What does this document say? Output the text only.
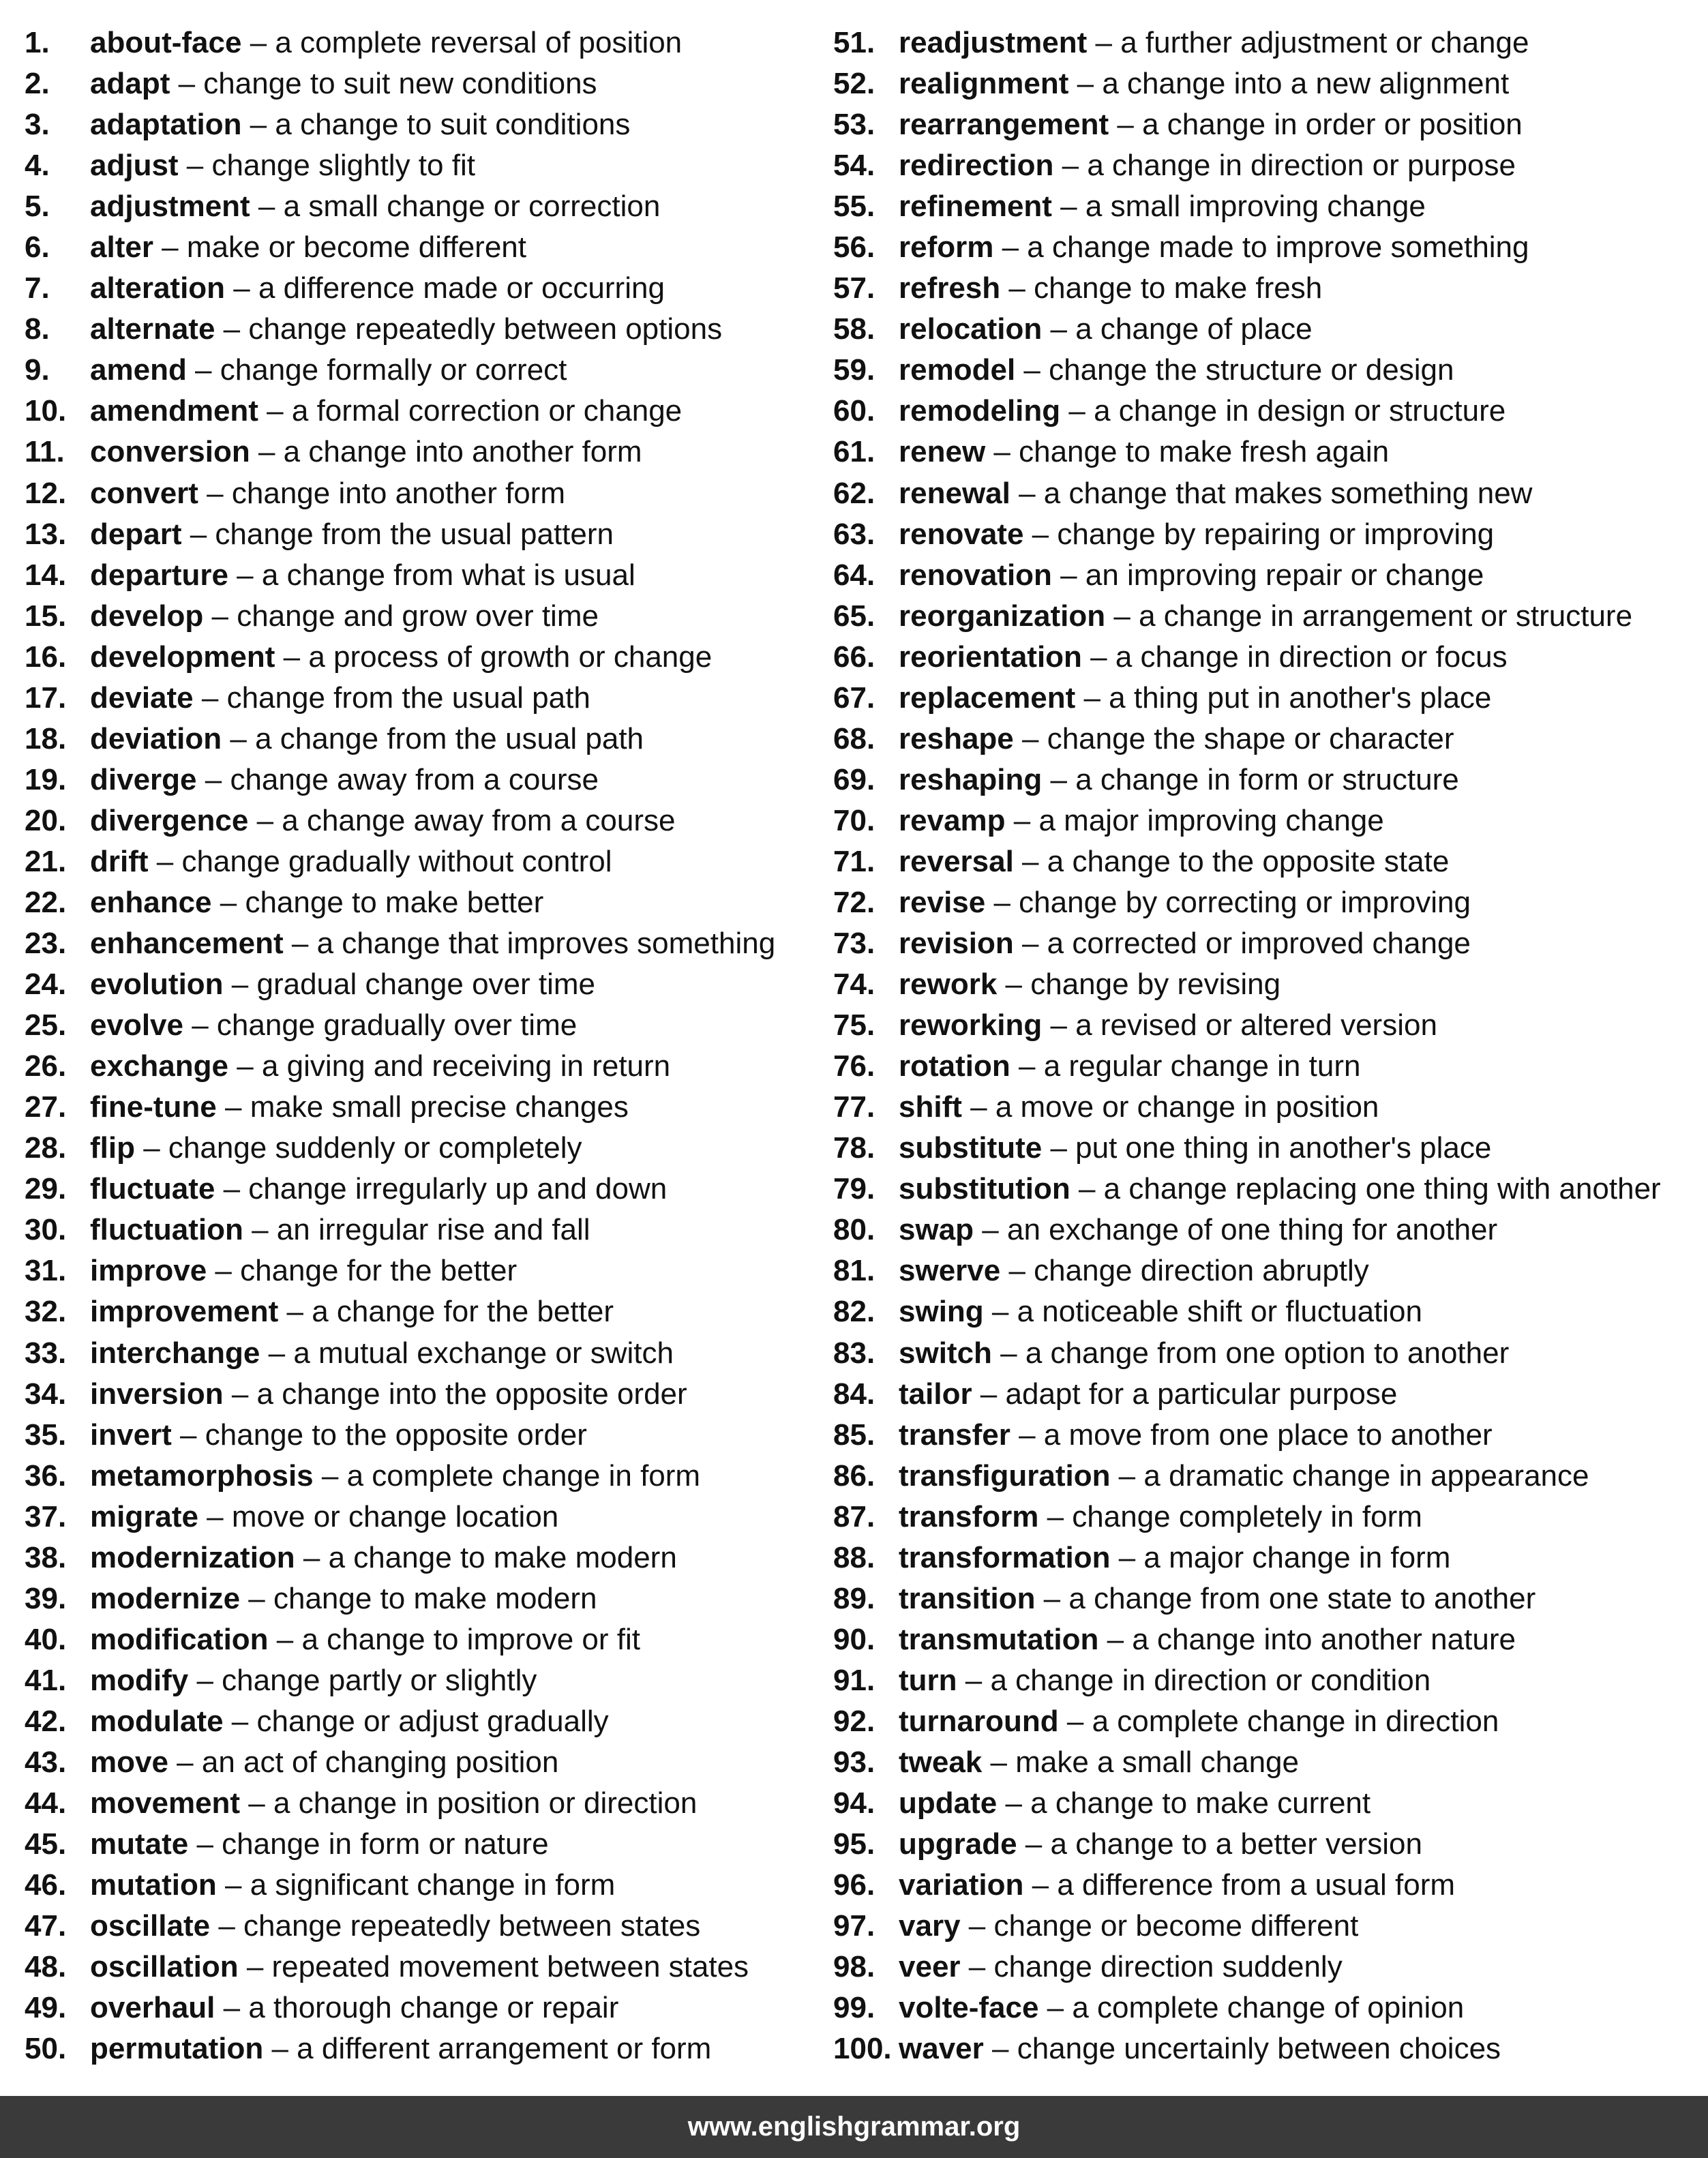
1.	about-face – a complete reversal of position
2.	adapt – change to suit new conditions
3.	adaptation – a change to suit conditions
4.	adjust – change slightly to fit
5.	adjustment – a small change or correction
6.	alter – make or become different
7.	alteration – a difference made or occurring
8.	alternate – change repeatedly between options
9.	amend – change formally or correct
10. amendment – a formal correction or change
11. conversion – a change into another form
12. convert – change into another form
13. depart – change from the usual pattern
14. departure – a change from what is usual
15. develop – change and grow over time
16. development – a process of growth or change
17. deviate – change from the usual path
18. deviation – a change from the usual path
19. diverge – change away from a course
20. divergence – a change away from a course
21. drift – change gradually without control
22. enhance – change to make better
23. enhancement – a change that improves something
24. evolution – gradual change over time
25. evolve – change gradually over time
26. exchange – a giving and receiving in return
27. fine-tune – make small precise changes
28. flip – change suddenly or completely
29. fluctuate – change irregularly up and down
30. fluctuation – an irregular rise and fall
31. improve – change for the better
32. improvement – a change for the better
33. interchange – a mutual exchange or switch
34. inversion – a change into the opposite order
35. invert – change to the opposite order
36. metamorphosis – a complete change in form
37. migrate – move or change location
38. modernization – a change to make modern
39. modernize – change to make modern
40. modification – a change to improve or fit
41. modify – change partly or slightly
42. modulate – change or adjust gradually
43. move – an act of changing position
44. movement – a change in position or direction
45. mutate – change in form or nature
46. mutation – a significant change in form
47. oscillate – change repeatedly between states
48. oscillation – repeated movement between states
49. overhaul – a thorough change or repair
50. permutation – a different arrangement or form
51. readjustment – a further adjustment or change
52. realignment – a change into a new alignment
53. rearrangement – a change in order or position
54. redirection – a change in direction or purpose
55. refinement – a small improving change
56. reform – a change made to improve something
57. refresh – change to make fresh
58. relocation – a change of place
59. remodel – change the structure or design
60. remodeling – a change in design or structure
61. renew – change to make fresh again
62. renewal – a change that makes something new
63. renovate – change by repairing or improving
64. renovation – an improving repair or change
65. reorganization – a change in arrangement or structure
66. reorientation – a change in direction or focus
67. replacement – a thing put in another's place
68. reshape – change the shape or character
69. reshaping – a change in form or structure
70. revamp – a major improving change
71. reversal – a change to the opposite state
72. revise – change by correcting or improving
73. revision – a corrected or improved change
74. rework – change by revising
75. reworking – a revised or altered version
76. rotation – a regular change in turn
77. shift – a move or change in position
78. substitute – put one thing in another's place
79. substitution – a change replacing one thing with another
80. swap – an exchange of one thing for another
81. swerve – change direction abruptly
82. swing – a noticeable shift or fluctuation
83. switch – a change from one option to another
84. tailor – adapt for a particular purpose
85. transfer – a move from one place to another
86. transfiguration – a dramatic change in appearance
87. transform – change completely in form
88. transformation – a major change in form
89. transition – a change from one state to another
90. transmutation – a change into another nature
91. turn – a change in direction or condition
92. turnaround – a complete change in direction
93. tweak – make a small change
94. update – a change to make current
95. upgrade – a change to a better version
96. variation – a difference from a usual form
97. vary – change or become different
98. veer – change direction suddenly
99. volte-face – a complete change of opinion
100. waver – change uncertainly between choices
www.englishgrammar.org
